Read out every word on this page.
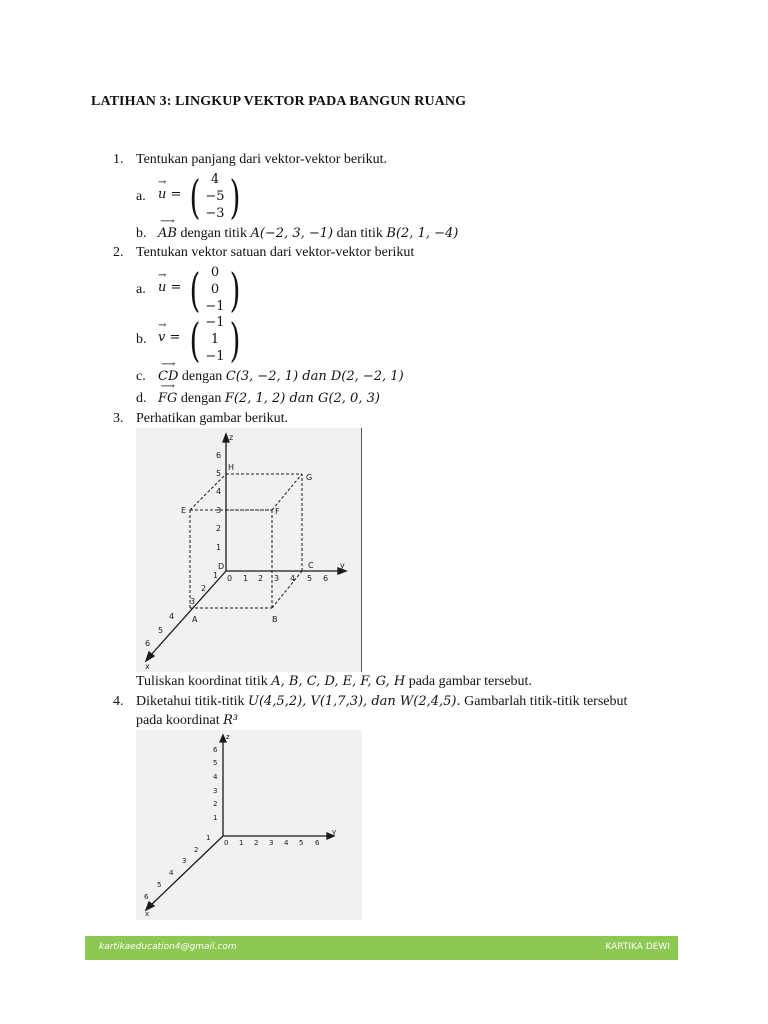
LATIHAN 3: LINGKUP VEKTOR PADA BANGUN RUANG
1. Tentukan panjang dari vektor-vektor berikut.
a.
→
u = ( )
4
−5
−3
b.
⟶
AB dengan titik A(−2, 3, −1) dan titik B(2, 1, −4)
2. Tentukan vektor satuan dari vektor-vektor berikut
a.
→
u = ( )
0
0
−1
b.
→
v = ( )
−1
1
−1
c.
⟶
CD dengan C(3, −2, 1) dan D(2, −2, 1)
d.
⟶
FG dengan F(2, 1, 2) dan G(2, 0, 3)
3. Perhatikan gambar berikut.
1
2
3
4
5
6
z
0 1 2 3 4 5 6
y
1
2
3
4
5
6
x
A	B
C
D
E	F
G
H
Tuliskan koordinat titik A, B, C, D, E, F, G, H pada gambar tersebut.
4. Diketahui titik-titik U(4,5,2), V(1,7,3), dan W(2,4,5). Gambarlah titik-titik tersebut
pada koordinat R³
1
2
3
4
5
6
z
0 1 2 3 4 5 6
y
1
2
3
4
5
6
x
kartikaeducation4@gmail.com	KARTIKA DEWI
